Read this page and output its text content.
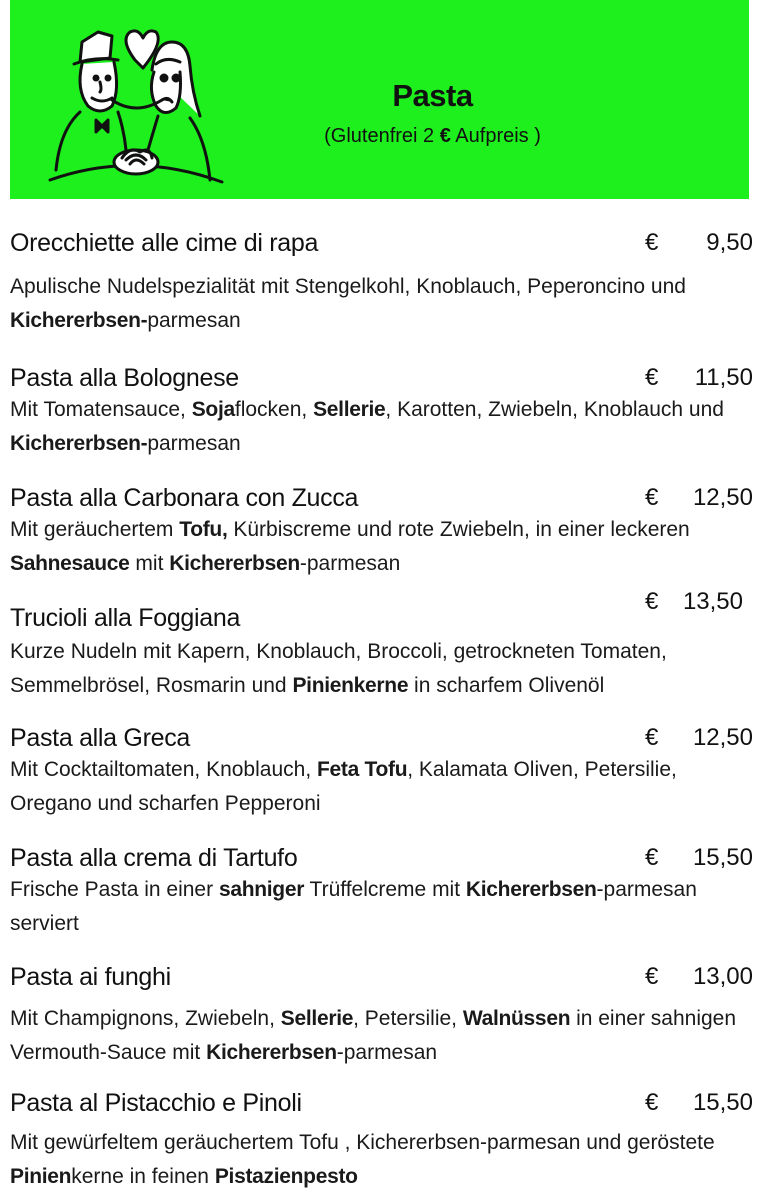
Pasta
(Glutenfrei 2 € Aufpreis )
Orecchiette alle cime di rapa	€ 9,50
Apulische Nudelspezialität mit Stengelkohl, Knoblauch, Peperoncino und Kichererbsen-parmesan
Pasta alla Bolognese	€ 11,50
Mit Tomatensauce, Sojaflocken, Sellerie, Karotten, Zwiebeln, Knoblauch und Kichererbsen-parmesan
Pasta alla Carbonara con Zucca	€ 12,50
Mit geräuchertem Tofu, Kürbiscreme und rote Zwiebeln, in einer leckeren Sahnesauce mit Kichererbsen-parmesan
Trucioli alla Foggiana
€ 13,50
Kurze Nudeln mit Kapern, Knoblauch, Broccoli, getrockneten Tomaten, Semmelbrösel, Rosmarin und Pinienkerne in scharfem Olivenöl
Pasta alla Greca	€ 12,50
Mit Cocktailtomaten, Knoblauch, Feta Tofu, Kalamata Oliven, Petersilie, Oregano und scharfen Pepperoni
Pasta alla crema di Tartufo	€ 15,50
Frische Pasta in einer sahniger Trüffelcreme mit Kichererbsen-parmesan serviert
Pasta ai funghi	€ 13,00
Mit Champignons, Zwiebeln, Sellerie, Petersilie, Walnüssen in einer sahnigen Vermouth-Sauce mit Kichererbsen-parmesan
Pasta al Pistacchio e Pinoli	€ 15,50
Mit gewürfeltem geräuchertem Tofu , Kichererbsen-parmesan und geröstete Pinienkerne in feinen Pistazienpesto
